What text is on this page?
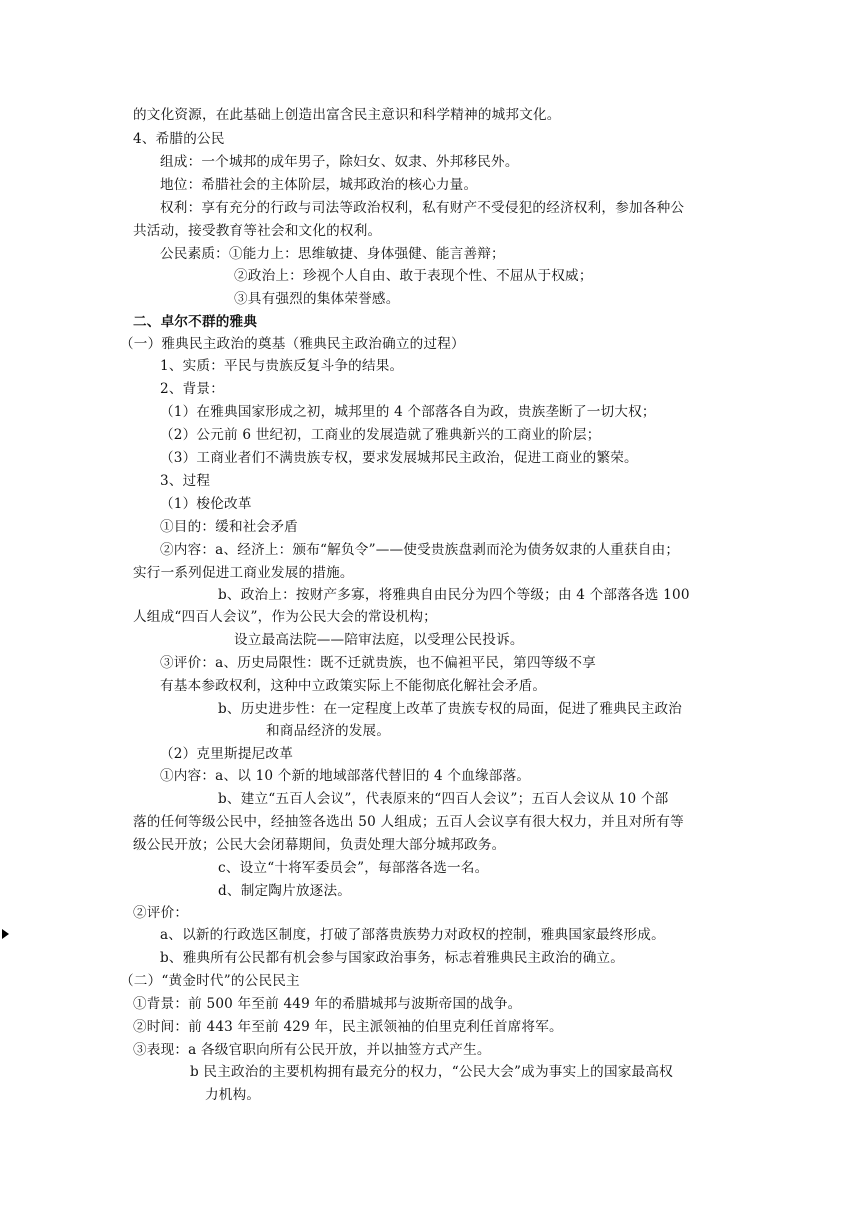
的文化资源，在此基础上创造出富含民主意识和科学精神的城邦文化。
4、希腊的公民
组成：一个城邦的成年男子，除妇女、奴隶、外邦移民外。
地位：希腊社会的主体阶层，城邦政治的核心力量。
权利：享有充分的行政与司法等政治权利，私有财产不受侵犯的经济权利，参加各种公
共活动，接受教育等社会和文化的权利。
公民素质：①能力上：思维敏捷、身体强健、能言善辩；
②政治上：珍视个人自由、敢于表现个性、不屈从于权威；
③具有强烈的集体荣誉感。
二、卓尔不群的雅典
（一）雅典民主政治的奠基（雅典民主政治确立的过程）
1、实质：平民与贵族反复斗争的结果。
2、背景：
（1）在雅典国家形成之初，城邦里的 4 个部落各自为政，贵族垄断了一切大权；
（2）公元前 6 世纪初，工商业的发展造就了雅典新兴的工商业的阶层；
（3）工商业者们不满贵族专权，要求发展城邦民主政治，促进工商业的繁荣。
3、过程
（1）梭伦改革
①目的：缓和社会矛盾
②内容：a、经济上：颁布“解负令”——使受贵族盘剥而沦为债务奴隶的人重获自由；
实行一系列促进工商业发展的措施。
b、政治上：按财产多寡，将雅典自由民分为四个等级；由 4 个部落各选 100
人组成“四百人会议”，作为公民大会的常设机构；
设立最高法院——陪审法庭，以受理公民投诉。
③评价：a、历史局限性：既不迁就贵族，也不偏袒平民，第四等级不享
有基本参政权利，这种中立政策实际上不能彻底化解社会矛盾。
b、历史进步性：在一定程度上改革了贵族专权的局面，促进了雅典民主政治
和商品经济的发展。
（2）克里斯提尼改革
①内容：a、以 10 个新的地域部落代替旧的 4 个血缘部落。
b、建立“五百人会议”，代表原来的“四百人会议”；五百人会议从 10 个部
落的任何等级公民中，经抽签各选出 50 人组成；五百人会议享有很大权力，并且对所有等
级公民开放；公民大会闭幕期间，负责处理大部分城邦政务。
c、设立“十将军委员会”，每部落各选一名。
d、制定陶片放逐法。
②评价：
a、以新的行政选区制度，打破了部落贵族势力对政权的控制，雅典国家最终形成。
b、雅典所有公民都有机会参与国家政治事务，标志着雅典民主政治的确立。
（二）“黄金时代”的公民民主
①背景：前 500 年至前 449 年的希腊城邦与波斯帝国的战争。
②时间：前 443 年至前 429 年，民主派领袖的伯里克利任首席将军。
③表现：a 各级官职向所有公民开放，并以抽签方式产生。
b 民主政治的主要机构拥有最充分的权力，“公民大会”成为事实上的国家最高权
力机构。
